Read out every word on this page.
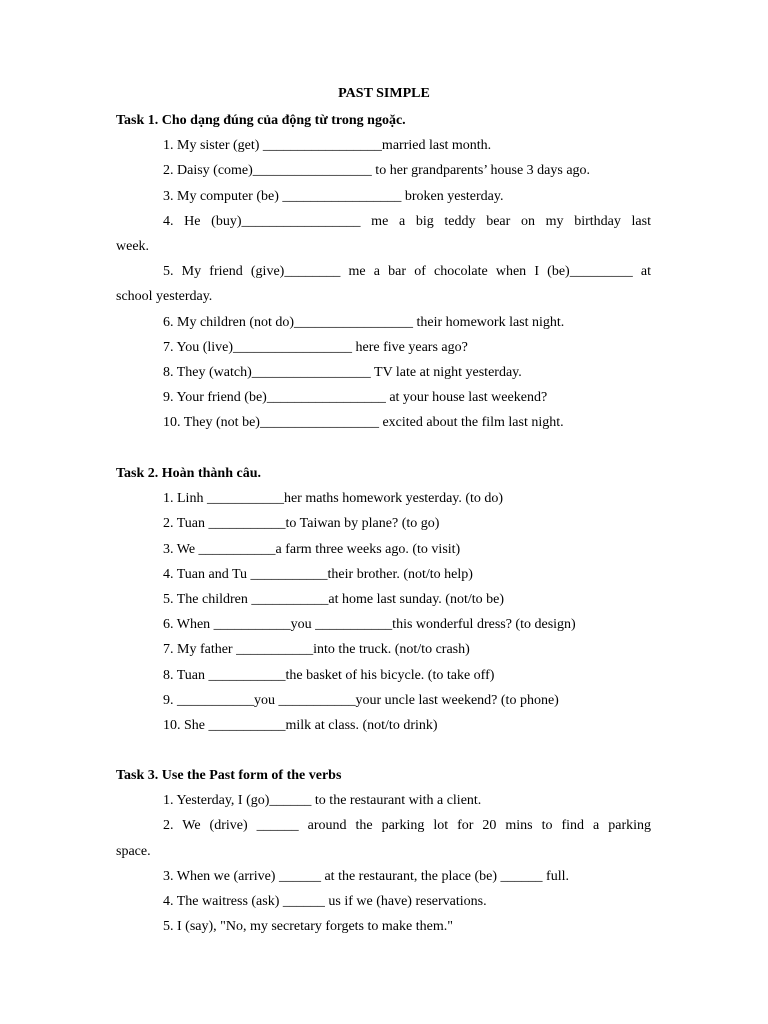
PAST SIMPLE
Task 1. Cho dạng đúng của động từ trong ngoặc.
1. My sister (get) _________________married last month.
2. Daisy (come)_________________ to her grandparents’ house 3 days ago.
3. My computer (be) _________________ broken yesterday.
4. He (buy)_________________ me a big teddy bear on my birthday last
week.
5. My friend (give)________ me a bar of chocolate when I (be)_________ at
school yesterday.
6. My children (not do)_________________ their homework last night.
7. You (live)_________________ here five years ago?
8. They (watch)_________________ TV late at night yesterday.
9. Your friend (be)_________________ at your house last weekend?
10. They (not be)_________________ excited about the film last night.
Task 2. Hoàn thành câu.
1. Linh ___________her maths homework yesterday. (to do)
2. Tuan ___________to Taiwan by plane? (to go)
3. We ___________a farm three weeks ago. (to visit)
4. Tuan and Tu ___________their brother. (not/to help)
5. The children ___________at home last sunday. (not/to be)
6. When ___________you ___________this wonderful dress? (to design)
7. My father ___________into the truck. (not/to crash)
8. Tuan ___________the basket of his bicycle. (to take off)
9. ___________you ___________your uncle last weekend? (to phone)
10. She ___________milk at class. (not/to drink)
Task 3. Use the Past form of the verbs
1. Yesterday, I (go)______ to the restaurant with a client.
2. We (drive) ______ around the parking lot for 20 mins to find a parking
space.
3. When we (arrive) ______ at the restaurant, the place (be) ______ full.
4. The waitress (ask) ______ us if we (have) reservations.
5. I (say), "No, my secretary forgets to make them."
